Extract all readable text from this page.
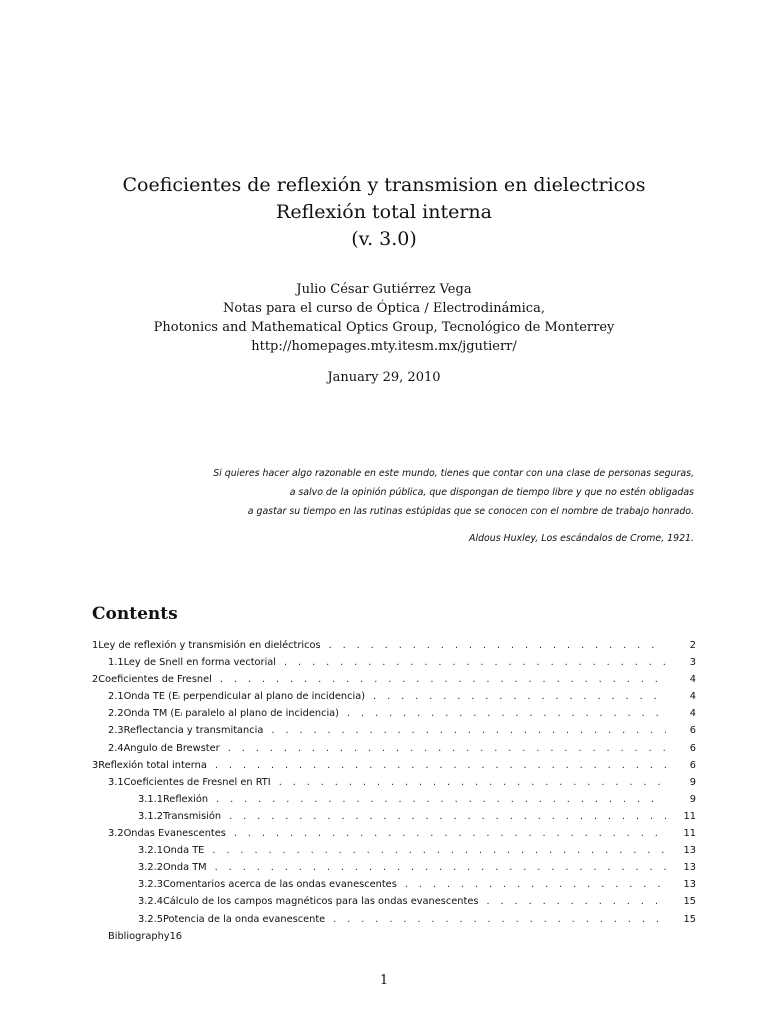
Coeficientes de reflexión y transmision en dielectricos
Reflexión total interna
(v. 3.0)
Julio César Gutiérrez Vega
Notas para el curso de Óptica / Electrodinámica,
Photonics and Mathematical Optics Group, Tecnológico de Monterrey
http://homepages.mty.itesm.mx/jgutierr/
January 29, 2010
Si quieres hacer algo razonable en este mundo, tienes que contar con una clase de personas seguras,
a salvo de la opinión pública, que dispongan de tiempo libre y que no estén obligadas
a gastar su tiempo en las rutinas estúpidas que se conocen con el nombre de trabajo honrado.
Aldous Huxley, Los escándalos de Crome, 1921.
Contents
1 Ley de reflexión y transmisión en dieléctricos . . .	2
1.1 Ley de Snell en forma vectorial . . .	3
2 Coeficientes de Fresnel . . .	4
2.1 Onda TE (Eᵢ perpendicular al plano de incidencia) . . .	4
2.2 Onda TM (Eᵢ paralelo al plano de incidencia) . . .	4
2.3 Reflectancia y transmitancia . . .	6
2.4 Angulo de Brewster . . .	6
3 Reflexión total interna . . .	6
3.1 Coeficientes de Fresnel en RTI . . .	9
3.1.1 Reflexión . . .	9
3.1.2 Transmisión . . .	11
3.2 Ondas Evanescentes . . .	11
3.2.1 Onda TE . . .	13
3.2.2 Onda TM . . .	13
3.2.3 Comentarios acerca de las ondas evanescentes . . .	13
3.2.4 Cálculo de los campos magnéticos para las ondas evanescentes . . .	15
3.2.5 Potencia de la onda evanescente . . .	15
Bibliography 16
1
